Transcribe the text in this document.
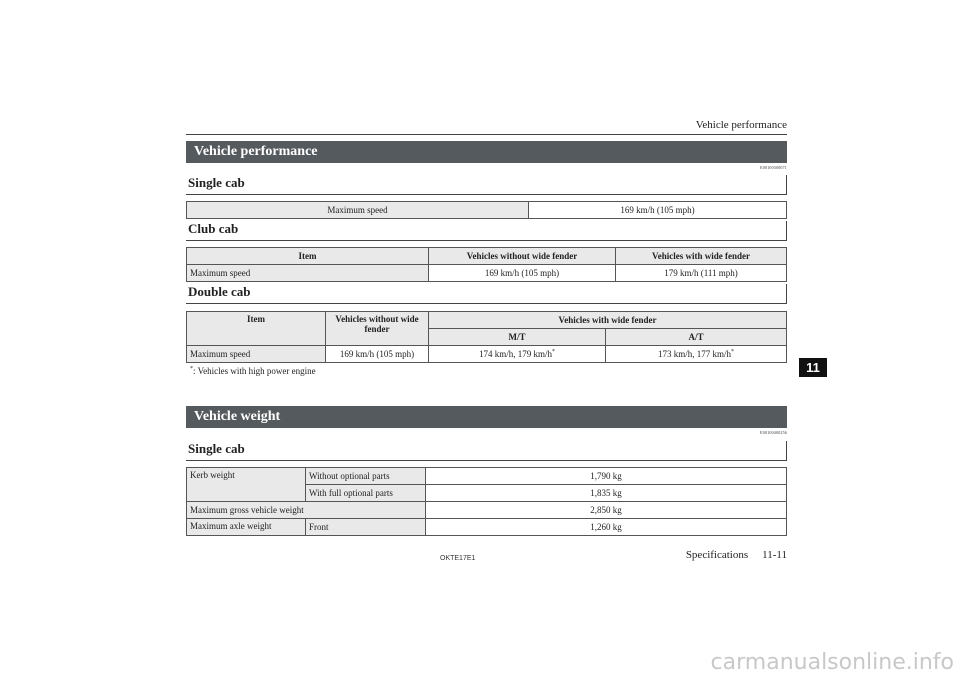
Vehicle performance
Vehicle performance
E00100300071
Single cab
Maximum speed	169 km/h (105 mph)
Club cab
Item	Vehicles without wide fender	Vehicles with wide fender
Maximum speed	169 km/h (105 mph)	179 km/h (111 mph)
Double cab
Item	Vehicles without wide fender	Vehicles with wide fender	
		M/T	A/T
Maximum speed	169 km/h (105 mph)	174 km/h, 179 km/h*	173 km/h, 177 km/h*
*: Vehicles with high power engine
Vehicle weight
E00100400256
Single cab
Kerb weight	Without optional parts	1,790 kg
	With full optional parts	1,835 kg
Maximum gross vehicle weight		2,850 kg
Maximum axle weight	Front	1,260 kg
11
OKTE17E1	Specifications 11-11
carmanualsonline.info
